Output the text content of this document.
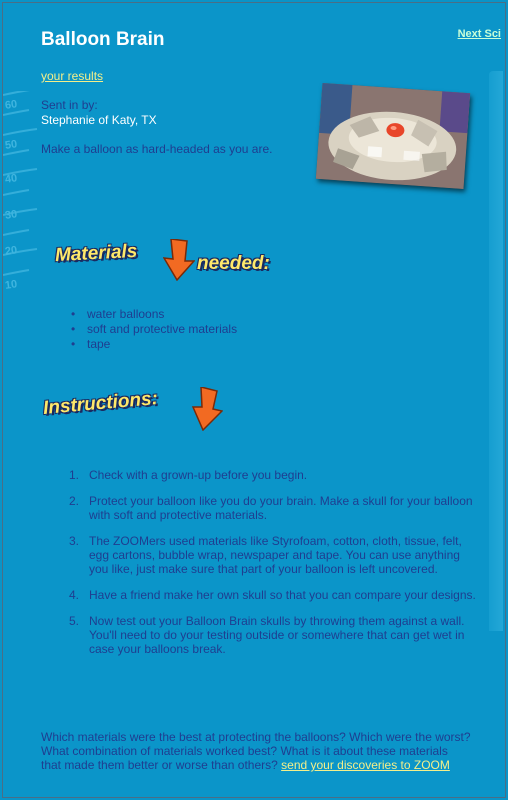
60
50
40
30
20
10
Balloon Brain	Next Sci
your results
Sent in by:
Stephanie of Katy, TX
Make a balloon as hard-headed as you are.
Materials	needed:
• water balloons
• soft and protective materials
• tape
Instructions:
1. Check with a grown-up before you begin.
2. Protect your balloon like you do your brain. Make a skull for your balloon with soft and protective materials.
3. The ZOOMers used materials like Styrofoam, cotton, cloth, tissue, felt, egg cartons, bubble wrap, newspaper and tape. You can use anything you like, just make sure that part of your balloon is left uncovered.
4. Have a friend make her own skull so that you can compare your designs.
5. Now test out your Balloon Brain skulls by throwing them against a wall. You'll need to do your testing outside or somewhere that can get wet in case your balloons break.
Which materials were the best at protecting the balloons? Which were the worst? What combination of materials worked best? What is it about these materials that made them better or worse than others? send your discoveries to ZOOM
